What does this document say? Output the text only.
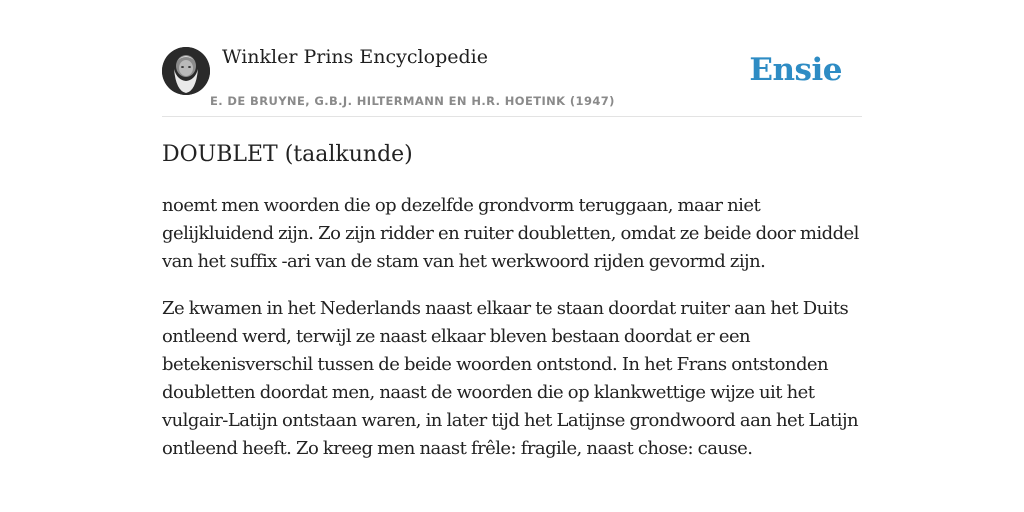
Winkler Prins Encyclopedie
E. DE BRUYNE, G.B.J. HILTERMANN EN H.R. HOETINK (1947)
Ensie
DOUBLET (taalkunde)

noemt men woorden die op dezelfde grondvorm teruggaan, maar niet gelijkluidend zijn. Zo zijn ridder en ruiter doubletten, omdat ze beide door middel van het suffix -ari van de stam van het werkwoord rijden gevormd zijn.

Ze kwamen in het Nederlands naast elkaar te staan doordat ruiter aan het Duits ontleend werd, terwijl ze naast elkaar bleven bestaan doordat er een betekenisverschil tussen de beide woorden ontstond. In het Frans ontstonden doubletten doordat men, naast de woorden die op klankwettige wijze uit het vulgair-Latijn ontstaan waren, in later tijd het Latijnse grondwoord aan het Latijn ontleend heeft. Zo kreeg men naast frêle: fragile, naast chose: cause.
